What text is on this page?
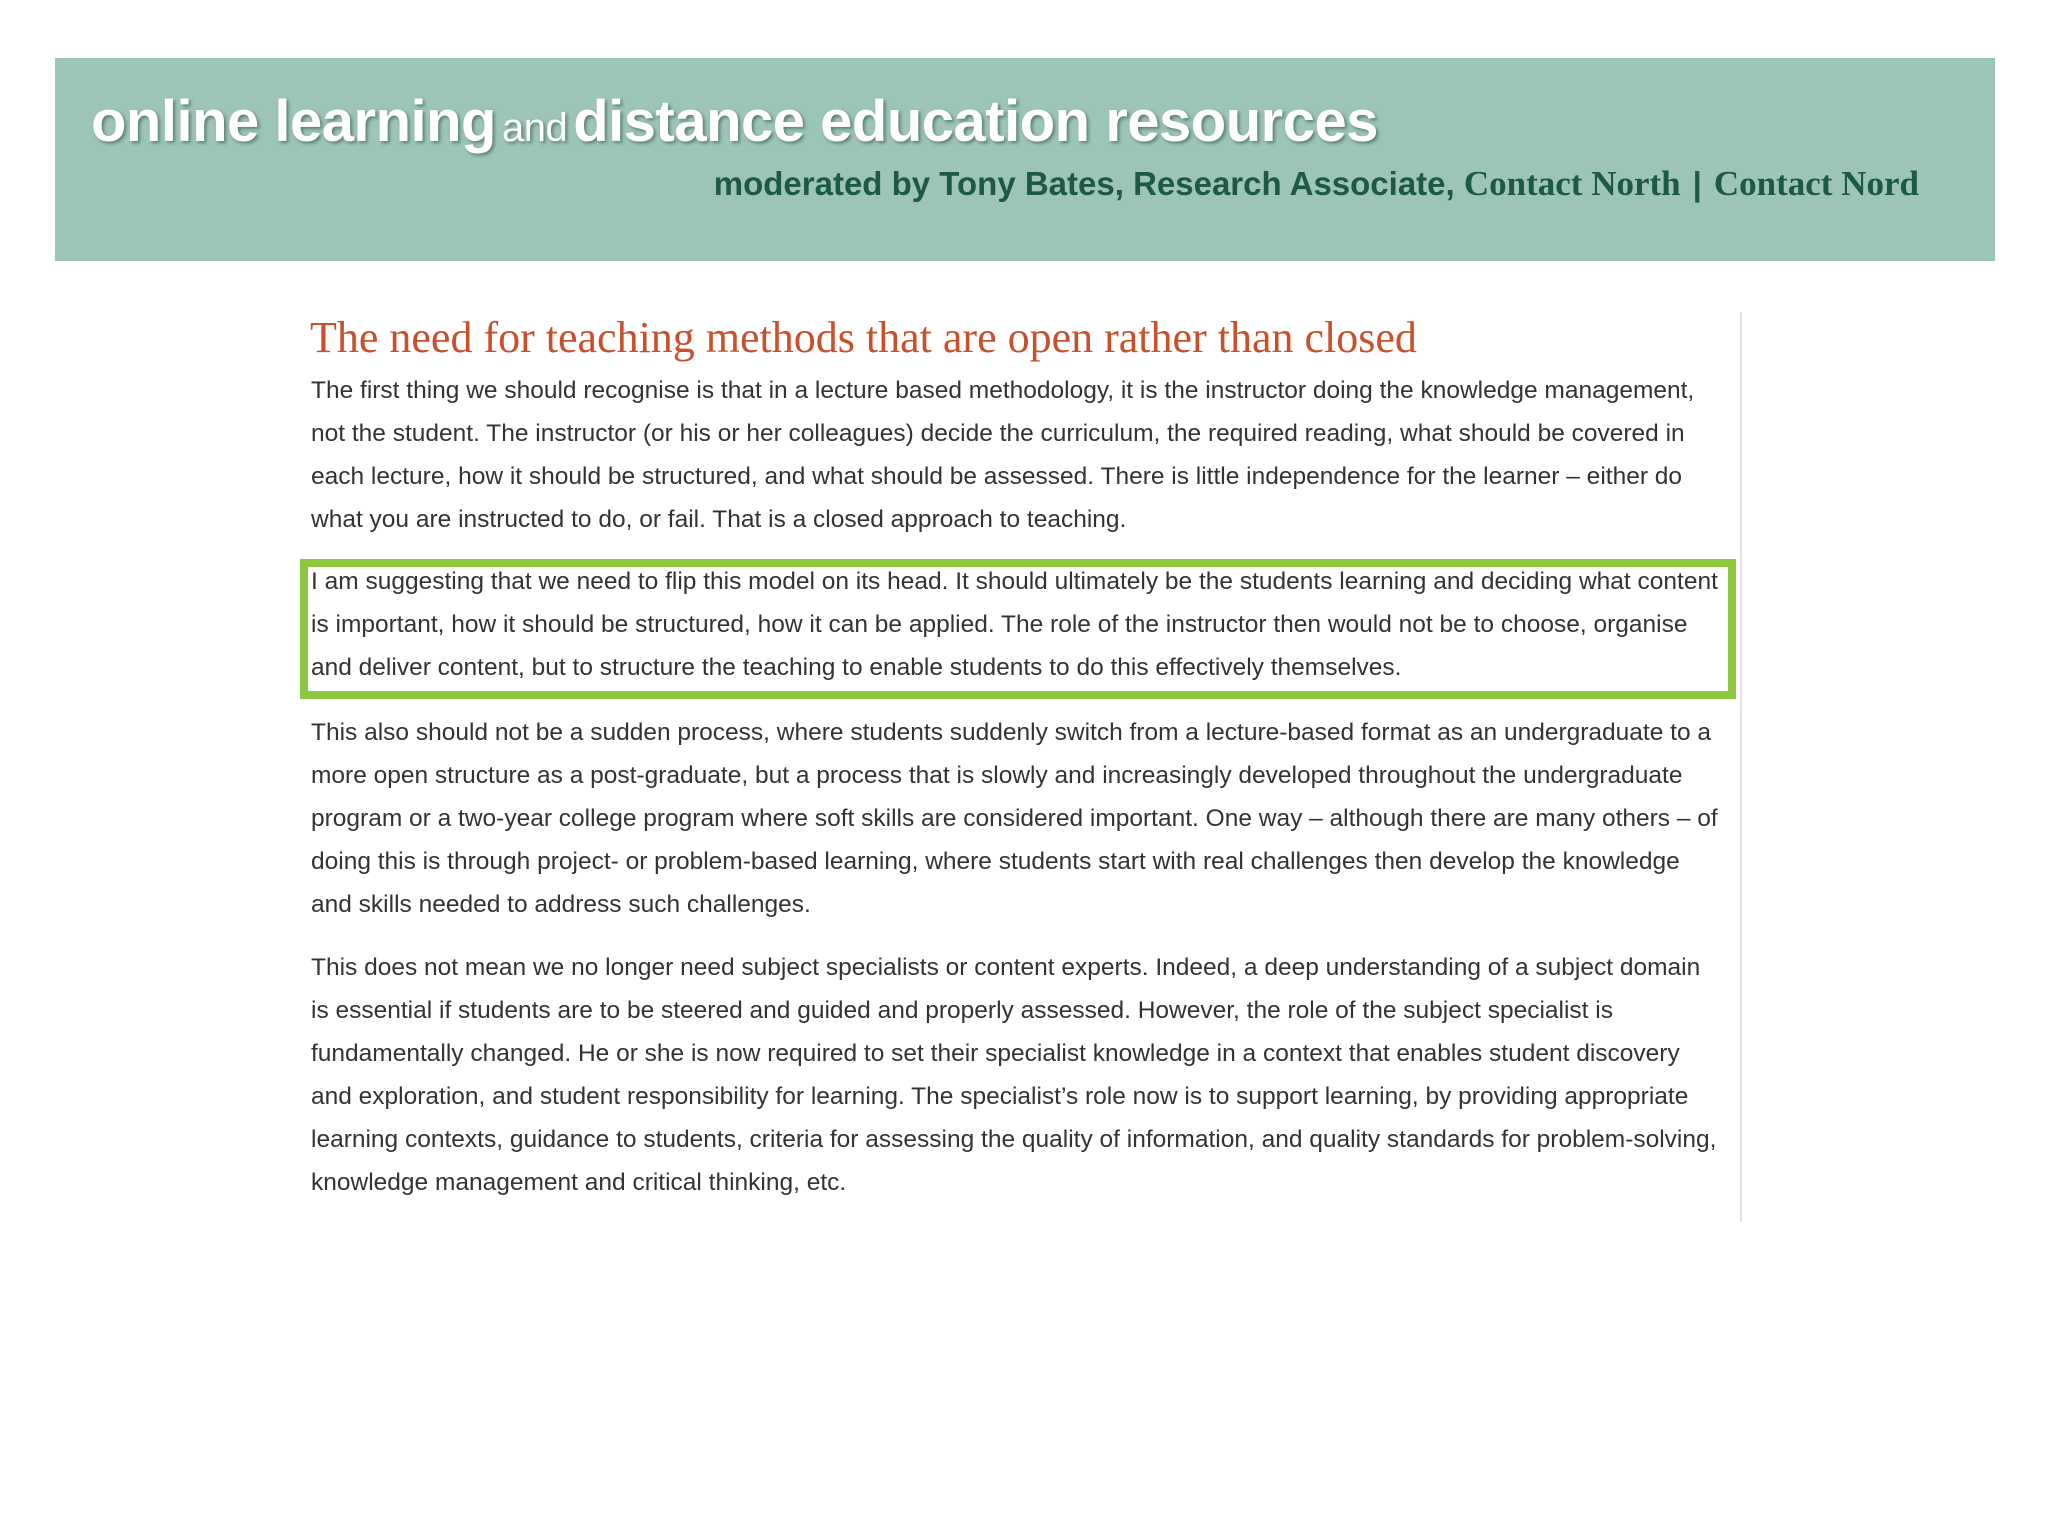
online learning and distance education resources
moderated by Tony Bates, Research Associate, Contact North | Contact Nord
The need for teaching methods that are open rather than closed

The first thing we should recognise is that in a lecture based methodology, it is the instructor doing the knowledge management, not the student. The instructor (or his or her colleagues) decide the curriculum, the required reading, what should be covered in each lecture, how it should be structured, and what should be assessed. There is little independence for the learner – either do what you are instructed to do, or fail. That is a closed approach to teaching.

I am suggesting that we need to flip this model on its head. It should ultimately be the students learning and deciding what content is important, how it should be structured, how it can be applied. The role of the instructor then would not be to choose, organise and deliver content, but to structure the teaching to enable students to do this effectively themselves.

This also should not be a sudden process, where students suddenly switch from a lecture-based format as an undergraduate to a more open structure as a post-graduate, but a process that is slowly and increasingly developed throughout the undergraduate program or a two-year college program where soft skills are considered important. One way – although there are many others – of doing this is through project- or problem-based learning, where students start with real challenges then develop the knowledge and skills needed to address such challenges.

This does not mean we no longer need subject specialists or content experts. Indeed, a deep understanding of a subject domain is essential if students are to be steered and guided and properly assessed. However, the role of the subject specialist is fundamentally changed. He or she is now required to set their specialist knowledge in a context that enables student discovery and exploration, and student responsibility for learning. The specialist’s role now is to support learning, by providing appropriate learning contexts, guidance to students, criteria for assessing the quality of information, and quality standards for problem-solving, knowledge management and critical thinking, etc.
